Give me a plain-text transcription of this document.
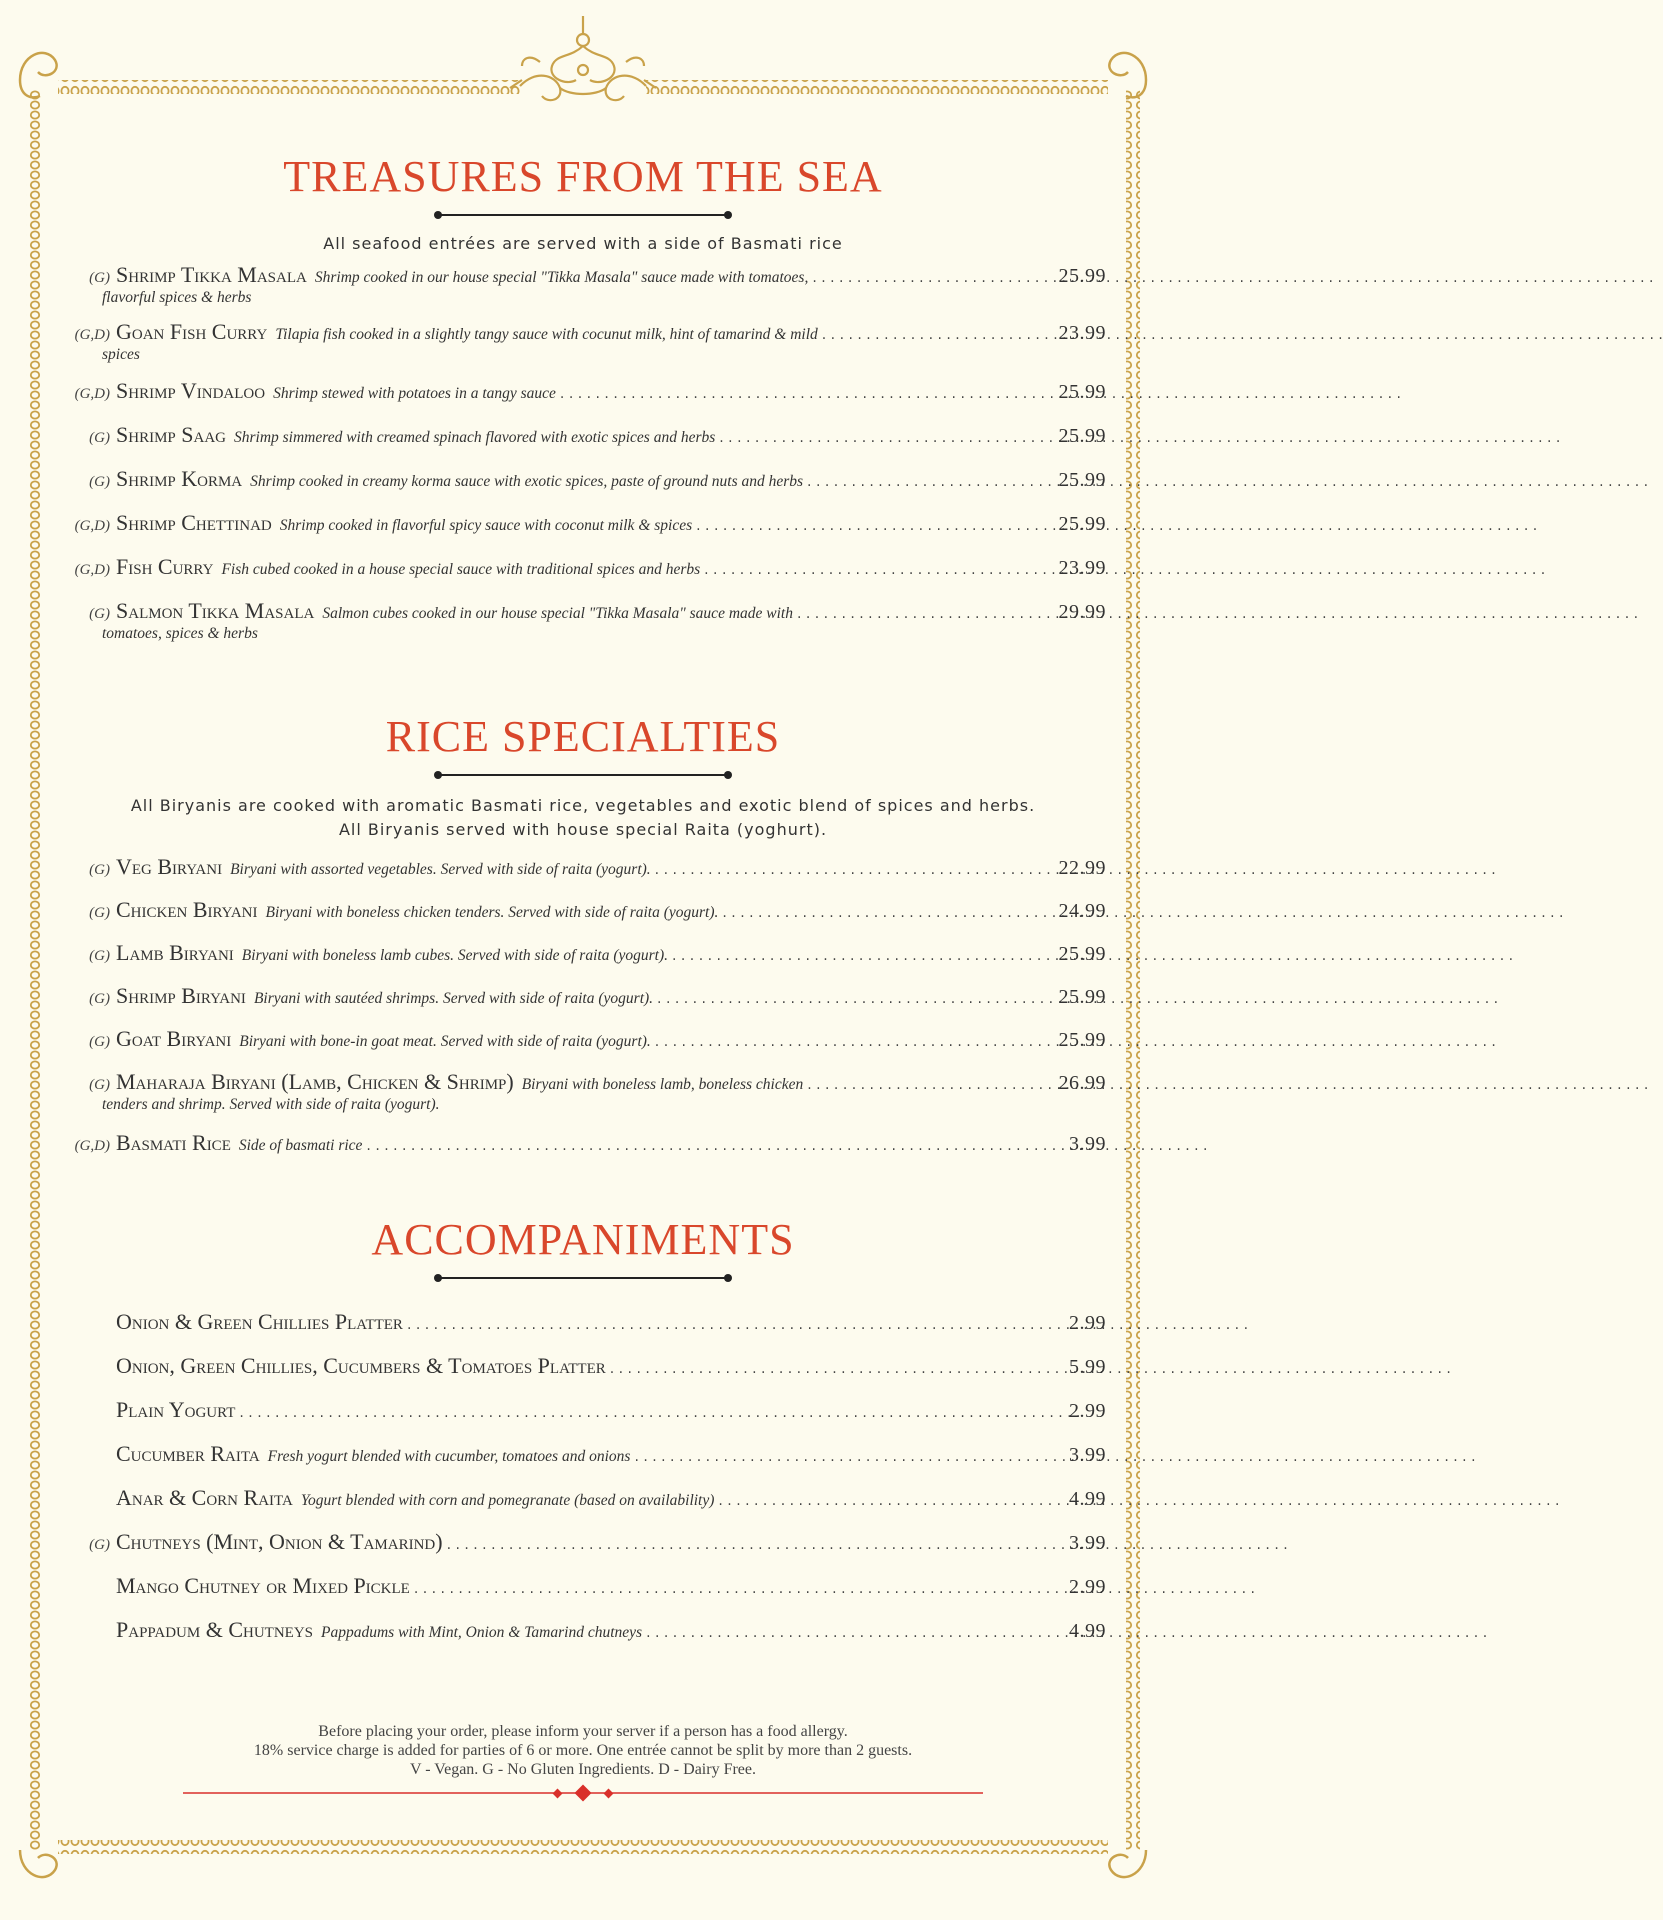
TREASURES FROM THE SEA

All seafood entrées are served with a side of Basmati rice

(G) Shrimp Tikka Masala Shrimp cooked in our house special "Tikka Masala" sauce made with tomatoes, . . .	25.99
flavorful spices & herbs
(G,D) Goan Fish Curry Tilapia fish cooked in a slightly tangy sauce with cocunut milk, hint of tamarind & mild . . .	23.99
spices
(G,D) Shrimp Vindaloo Shrimp stewed with potatoes in a tangy sauce . . .	25.99
(G) Shrimp Saag Shrimp simmered with creamed spinach flavored with exotic spices and herbs . . .	25.99
(G) Shrimp Korma Shrimp cooked in creamy korma sauce with exotic spices, paste of ground nuts and herbs . . .	25.99
(G,D) Shrimp Chettinad Shrimp cooked in flavorful spicy sauce with coconut milk & spices . . .	25.99
(G,D) Fish Curry Fish cubed cooked in a house special sauce with traditional spices and herbs . . .	23.99
(G) Salmon Tikka Masala Salmon cubes cooked in our house special "Tikka Masala" sauce made with . . .	29.99
tomatoes, spices & herbs
RICE SPECIALTIES

All Biryanis are cooked with aromatic Basmati rice, vegetables and exotic blend of spices and herbs.

All Biryanis served with house special Raita (yoghurt).

(G) Veg Biryani Biryani with assorted vegetables. Served with side of raita (yogurt). . . .	22.99
(G) Chicken Biryani Biryani with boneless chicken tenders. Served with side of raita (yogurt). . . .	24.99
(G) Lamb Biryani Biryani with boneless lamb cubes. Served with side of raita (yogurt). . . .	25.99
(G) Shrimp Biryani Biryani with sautéed shrimps. Served with side of raita (yogurt). . . .	25.99
(G) Goat Biryani Biryani with bone-in goat meat. Served with side of raita (yogurt). . . .	25.99
(G) Maharaja Biryani (Lamb, Chicken & Shrimp) Biryani with boneless lamb, boneless chicken . . .	26.99
tenders and shrimp. Served with side of raita (yogurt).
(G,D) Basmati Rice Side of basmati rice . . .	3.99
ACCOMPANIMENTS
Onion & Green Chillies Platter . . .	2.99
Onion, Green Chillies, Cucumbers & Tomatoes Platter . . .	5.99
Plain Yogurt . . .	2.99
Cucumber Raita Fresh yogurt blended with cucumber, tomatoes and onions . . .	3.99
Anar & Corn Raita Yogurt blended with corn and pomegranate (based on availability) . . .	4.99
(G) Chutneys (Mint, Onion & Tamarind) . . .	3.99
Mango Chutney or Mixed Pickle . . .	2.99
Pappadum & Chutneys Pappadums with Mint, Onion & Tamarind chutneys . . .	4.99

Before placing your order, please inform your server if a person has a food allergy.

18% service charge is added for parties of 6 or more. One entrée cannot be split by more than 2 guests.

V - Vegan. G - No Gluten Ingredients. D - Dairy Free.
